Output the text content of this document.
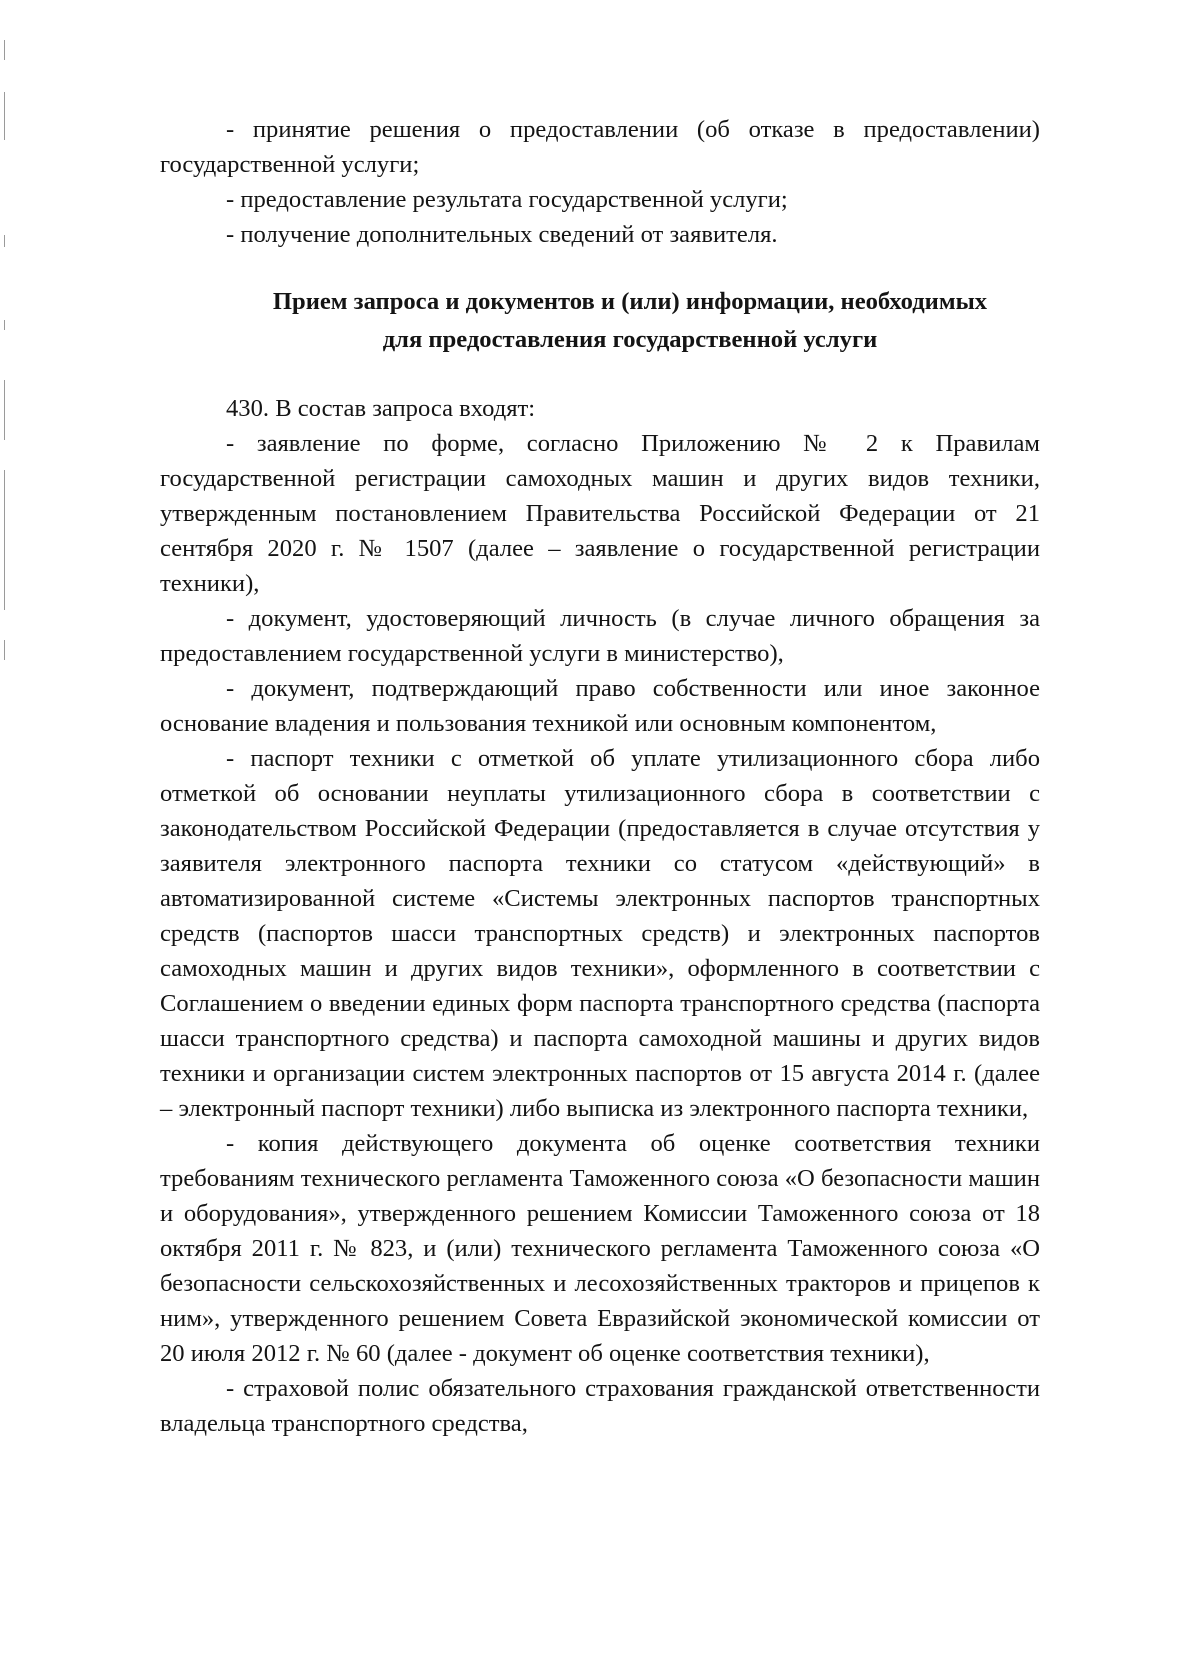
- принятие решения о предоставлении (об отказе в предоставлении) государственной услуги;

- предоставление результата государственной услуги;

- получение дополнительных сведений от заявителя.

Прием запроса и документов и (или) информации, необходимых
для предоставления государственной услуги

430. В состав запроса входят:

- заявление по форме, согласно Приложению № 2 к Правилам государственной регистрации самоходных машин и других видов техники, утвержденным постановлением Правительства Российской Федерации от 21 сентября 2020 г. № 1507 (далее – заявление о государственной регистрации техники),

- документ, удостоверяющий личность (в случае личного обращения за предоставлением государственной услуги в министерство),

- документ, подтверждающий право собственности или иное законное основание владения и пользования техникой или основным компонентом,

- паспорт техники с отметкой об уплате утилизационного сбора либо отметкой об основании неуплаты утилизационного сбора в соответствии с законодательством Российской Федерации (предоставляется в случае отсутствия у заявителя электронного паспорта техники со статусом «действующий» в автоматизированной системе «Системы электронных паспортов транспортных средств (паспортов шасси транспортных средств) и электронных паспортов самоходных машин и других видов техники», оформленного в соответствии с Соглашением о введении единых форм паспорта транспортного средства (паспорта шасси транспортного средства) и паспорта самоходной машины и других видов техники и организации систем электронных паспортов от 15 августа 2014 г. (далее – электронный паспорт техники) либо выписка из электронного паспорта техники,

- копия действующего документа об оценке соответствия техники требованиям технического регламента Таможенного союза «О безопасности машин и оборудования», утвержденного решением Комиссии Таможенного союза от 18 октября 2011 г. № 823, и (или) технического регламента Таможенного союза «О безопасности сельскохозяйственных и лесохозяйственных тракторов и прицепов к ним», утвержденного решением Совета Евразийской экономической комиссии от 20 июля 2012 г. № 60 (далее - документ об оценке соответствия техники),

- страховой полис обязательного страхования гражданской ответственности владельца транспортного средства,
